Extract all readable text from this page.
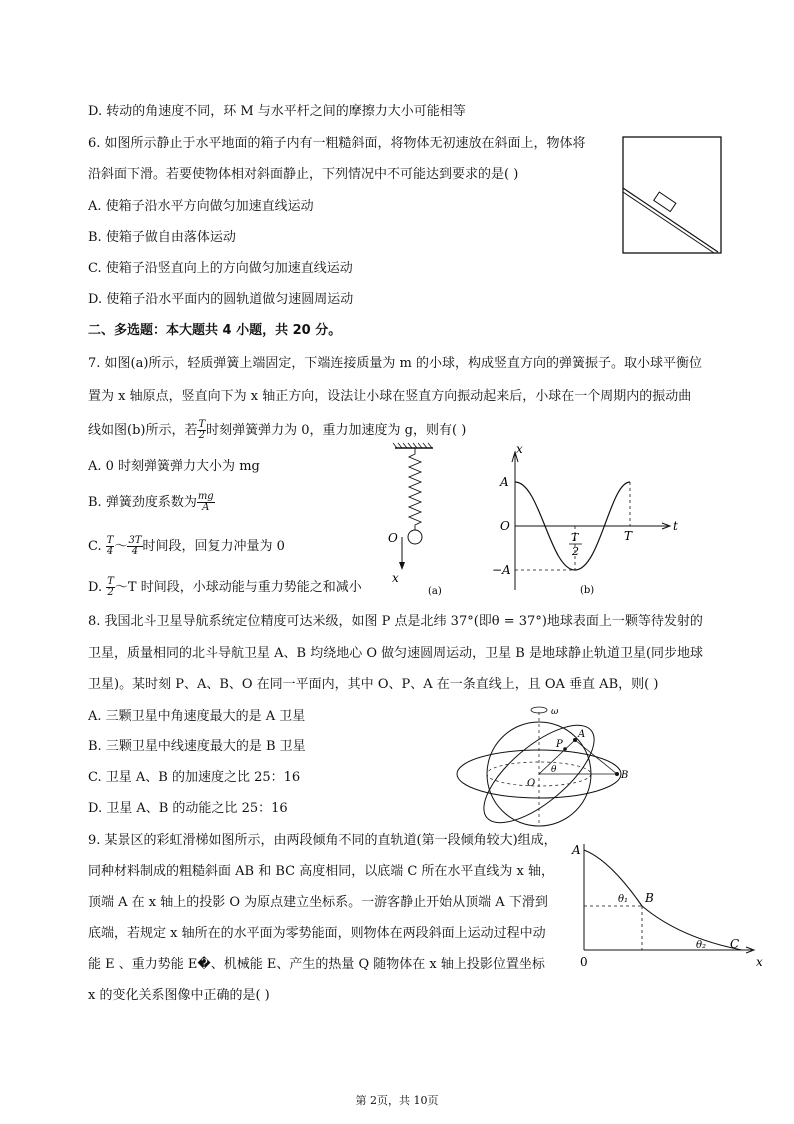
D. 转动的角速度不同，环 M 与水平杆之间的摩擦力大小可能相等
6. 如图所示静止于水平地面的箱子内有一粗糙斜面，将物体无初速放在斜面上，物体将
沿斜面下滑。若要使物体相对斜面静止，下列情况中不可能达到要求的是( )
A. 使箱子沿水平方向做匀加速直线运动
B. 使箱子做自由落体运动
C. 使箱子沿竖直向上的方向做匀加速直线运动
D. 使箱子沿水平面内的圆轨道做匀速圆周运动
二、多选题：本大题共 4 小题，共 20 分。
7. 如图(a)所示，轻质弹簧上端固定，下端连接质量为 m 的小球，构成竖直方向的弹簧振子。取小球平衡位
置为 x 轴原点，竖直向下为 x 轴正方向，设法让小球在竖直方向振动起来后，小球在一个周期内的振动曲
线如图(b)所示，若 $\frac{T}{2}$ 时刻弹簧弹力为 0，重力加速度为 g，则有( )
A. 0 时刻弹簧弹力大小为 mg
B. 弹簧劲度系数为 $\frac{mg}{A}$
C. $\frac{T}{4}$ ～ $\frac{3T}{4}$ 时间段，回复力冲量为 0
D. $\frac{T}{2}$ ～T 时间段，小球动能与重力势能之和减小
O
x
(a)
x
A
O
−A
T
2
T
t
(b)
8. 我国北斗卫星导航系统定位精度可达米级，如图 P 点是北纬 37°(即θ = 37°)地球表面上一颗等待发射的
卫星，质量相同的北斗导航卫星 A、B 均绕地心 O 做匀速圆周运动，卫星 B 是地球静止轨道卫星(同步地球
卫星)。某时刻 P、A、B、O 在同一平面内，其中 O、P、A 在一条直线上，且 OA 垂直 AB，则( )
A. 三颗卫星中角速度最大的是 A 卫星
B. 三颗卫星中线速度最大的是 B 卫星
C. 卫星 A、B 的加速度之比 25：16
D. 卫星 A、B 的动能之比 25：16
ω
P
A
B
O
θ
9. 某景区的彩虹滑梯如图所示，由两段倾角不同的直轨道(第一段倾角较大)组成，
同种材料制成的粗糙斜面 AB 和 BC 高度相同，以底端 C 所在水平直线为 x 轴，
顶端 A 在 x 轴上的投影 O 为原点建立坐标系。一游客静止开始从顶端 A 下滑到
底端，若规定 x 轴所在的水平面为零势能面，则物体在两段斜面上运动过程中动
能 E 、重力势能 E�、机械能 E、产生的热量 Q 随物体在 x 轴上投影位置坐标
x 的变化关系图像中正确的是( )
A
B
C
0	x
θ₁
θ₂
第 2页，共 10页
